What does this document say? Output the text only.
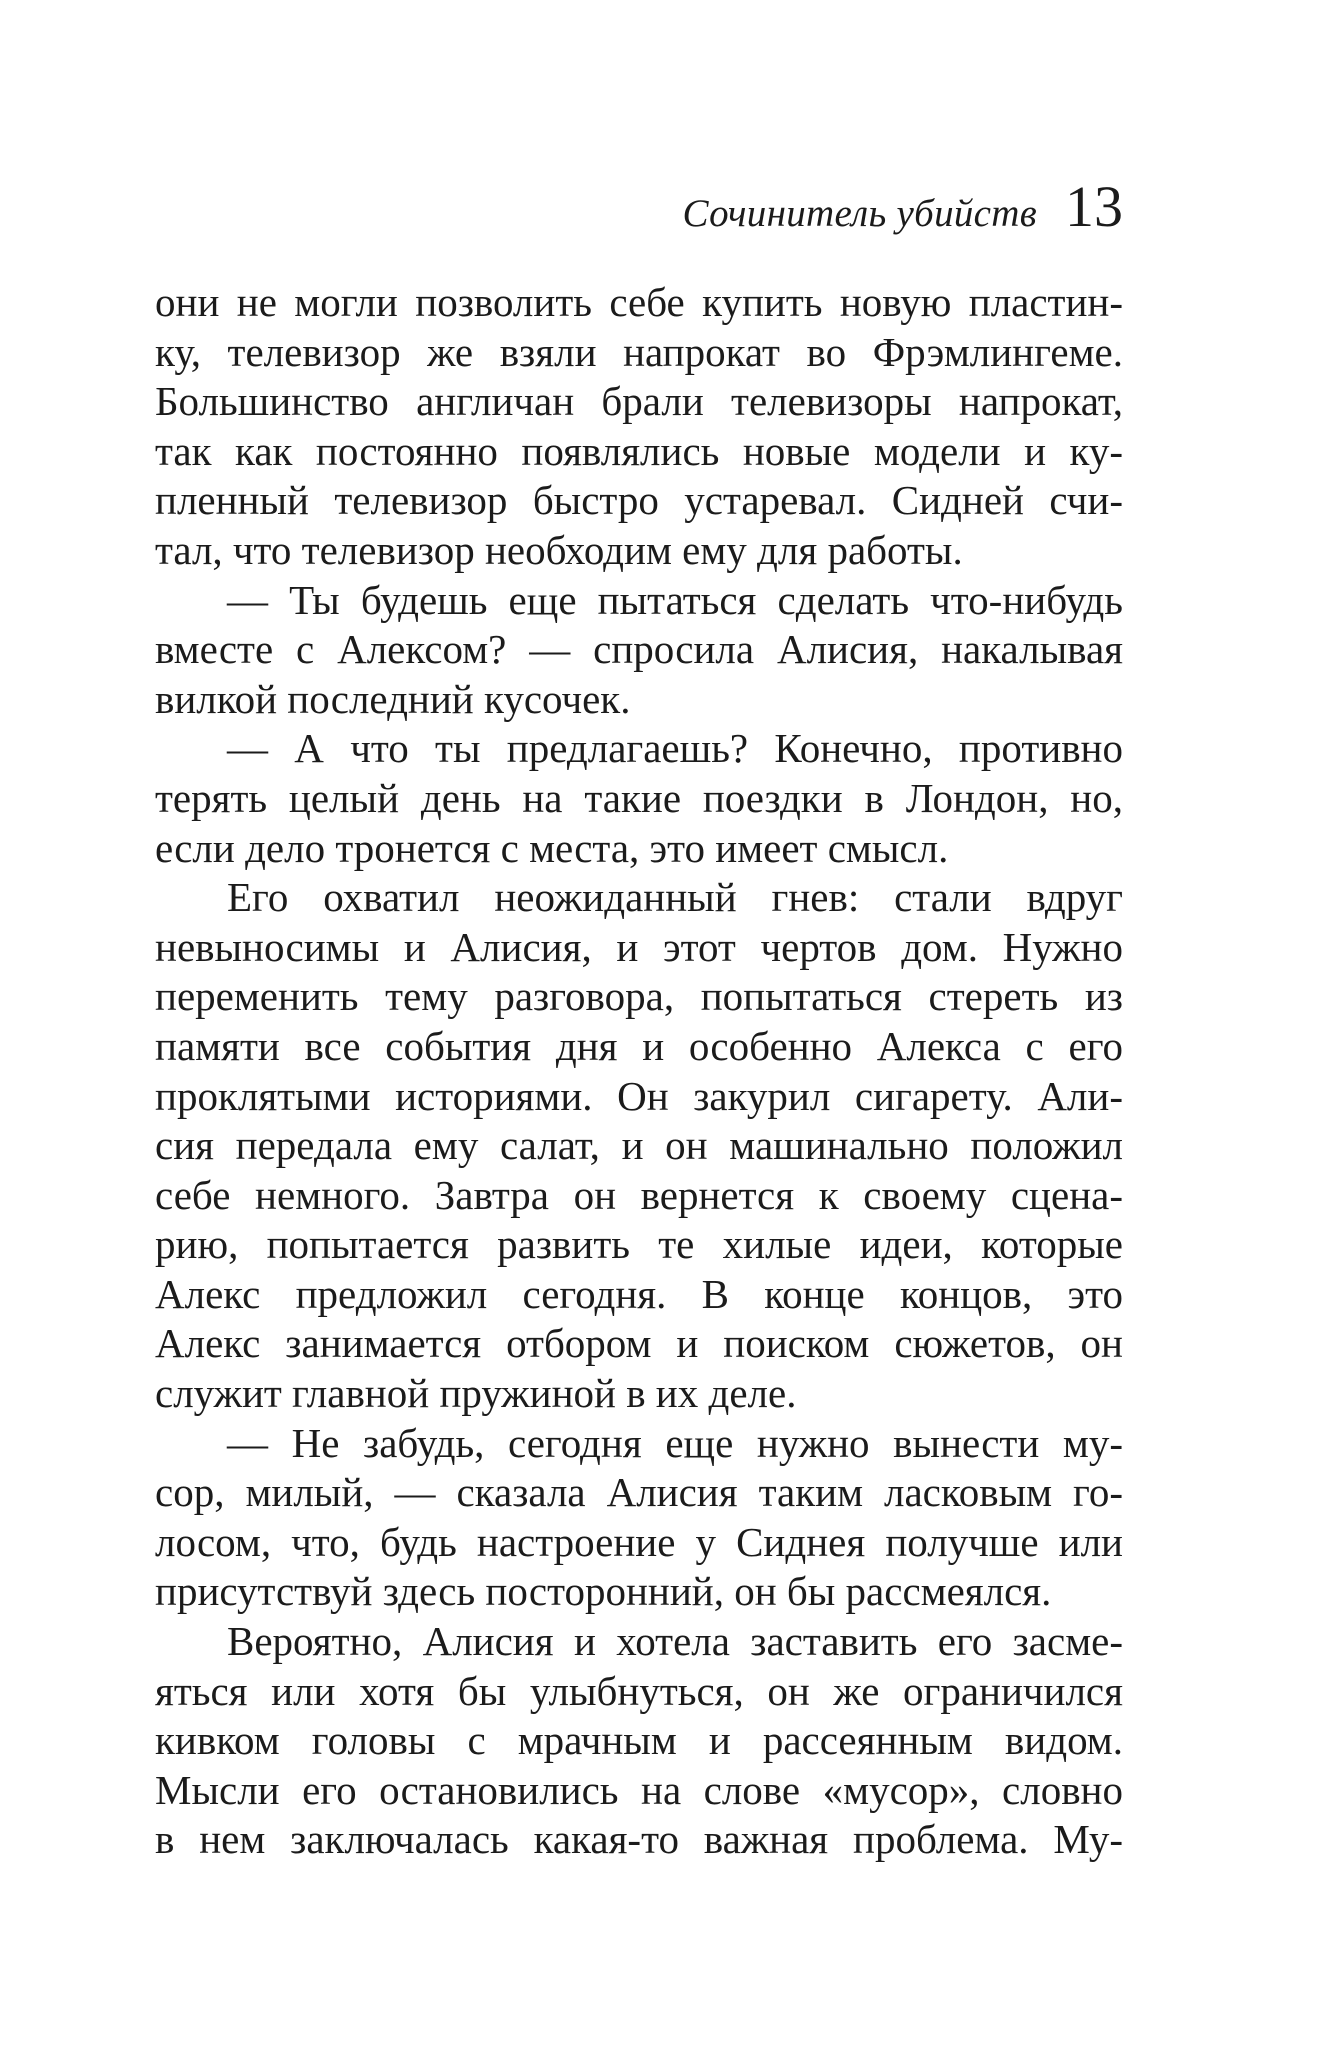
Сочинитель убийств 13
они не могли позволить себе купить новую пластин-
ку, телевизор же взяли напрокат во Фрэмлингеме.
Большинство англичан брали телевизоры напрокат,
так как постоянно появлялись новые модели и ку-
пленный телевизор быстро устаревал. Сидней счи-
тал, что телевизор необходим ему для работы.
— Ты будешь еще пытаться сделать что-нибудь
вместе с Алексом? — спросила Алисия, накалывая
вилкой последний кусочек.
— А что ты предлагаешь? Конечно, противно
терять целый день на такие поездки в Лондон, но,
если дело тронется с места, это имеет смысл.
Его охватил неожиданный гнев: стали вдруг
невыносимы и Алисия, и этот чертов дом. Нужно
переменить тему разговора, попытаться стереть из
памяти все события дня и особенно Алекса с его
проклятыми историями. Он закурил сигарету. Али-
сия передала ему салат, и он машинально положил
себе немного. Завтра он вернется к своему сцена-
рию, попытается развить те хилые идеи, которые
Алекс предложил сегодня. В конце концов, это
Алекс занимается отбором и поиском сюжетов, он
служит главной пружиной в их деле.
— Не забудь, сегодня еще нужно вынести му-
сор, милый, — сказала Алисия таким ласковым го-
лосом, что, будь настроение у Сиднея получше или
присутствуй здесь посторонний, он бы рассмеялся.
Вероятно, Алисия и хотела заставить его засме-
яться или хотя бы улыбнуться, он же ограничился
кивком головы с мрачным и рассеянным видом.
Мысли его остановились на слове «мусор», словно
в нем заключалась какая-то важная проблема. Му-
